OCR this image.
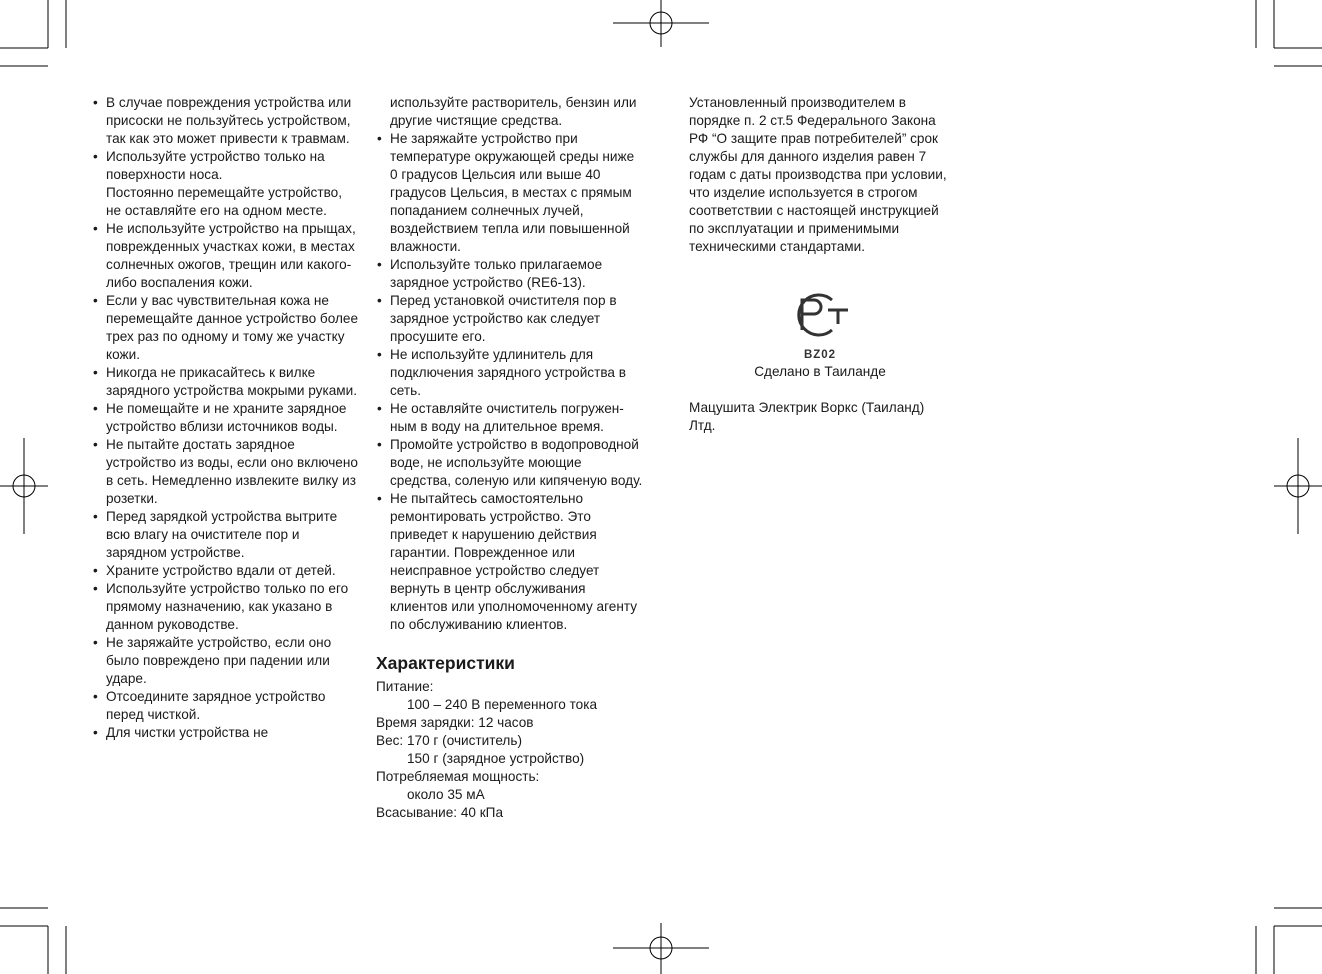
• В случае повреждения устройства или присоски не пользуйтесь устройством, так как это может привести к травмам.
• Используйте устройство только на поверхности носа.
Постоянно перемещайте устройство, не оставляйте его на одном месте.
• Не используйте устройство на прыщах, поврежденных участках кожи, в местах солнечных ожогов, трещин или какого-либо воспаления кожи.
• Если у вас чувствительная кожа не перемещайте данное устройство более трех раз по одному и тому же участку кожи.
• Никогда не прикасайтесь к вилке зарядного устройства мокрыми руками.
• Не помещайте и не храните зарядное устройство вблизи источников воды.
• Не пытайте достать зарядное устройство из воды, если оно включено в сеть. Немедленно извлеките вилку из розетки.
• Перед зарядкой устройства вытрите всю влагу на очистителе пор и зарядном устройстве.
• Храните устройство вдали от детей.
• Используйте устройство только по его прямому назначению, как указано в данном руководстве.
• Не заряжайте устройство, если оно было повреждено при падении или ударе.
• Отсоедините зарядное устройство перед чисткой.
• Для чистки устройства не
используйте растворитель, бензин или другие чистящие средства.
• Не заряжайте устройство при температуре окружающей среды ниже 0 градусов Цельсия или выше 40 градусов Цельсия, в местах с прямым попаданием солнечных лучей, воздействием тепла или повышенной влажности.
• Используйте только прилагаемое зарядное устройство (RE6-13).
• Перед установкой очистителя пор в зарядное устройство как следует просушите его.
• Не используйте удлинитель для подключения зарядного устройства в сеть.
• Не оставляйте очиститель погружен-ным в воду на длительное время.
• Промойте устройство в водопроводной воде, не используйте моющие средства, соленую или кипяченую воду.
• Не пытайтесь самостоятельно ремонтировать устройство. Это приведет к нарушению действия гарантии. Поврежденное или неисправное устройство следует вернуть в центр обслуживания клиентов или уполномоченному агенту по обслуживанию клиентов.
Характеристики
Питание:
100 – 240 В переменного тока
Время зарядки: 12 часов
Вес: 170 г (очиститель)
150 г (зарядное устройство)
Потребляемая мощность:
около 35 мА
Всасывание: 40 кПа

Установленный производителем в порядке п. 2 ст.5 Федерального Закона РФ “О защите прав потребителей” срок службы для данного изделия равен 7 годам с даты производства при условии, что изделие используется в строгом соответствии с настоящей инструкцией по эксплуатации и применимыми техническими стандартами.

BZ02
Сделано в Таиланде
Мацушита Электрик Воркс (Таиланд) Лтд.
